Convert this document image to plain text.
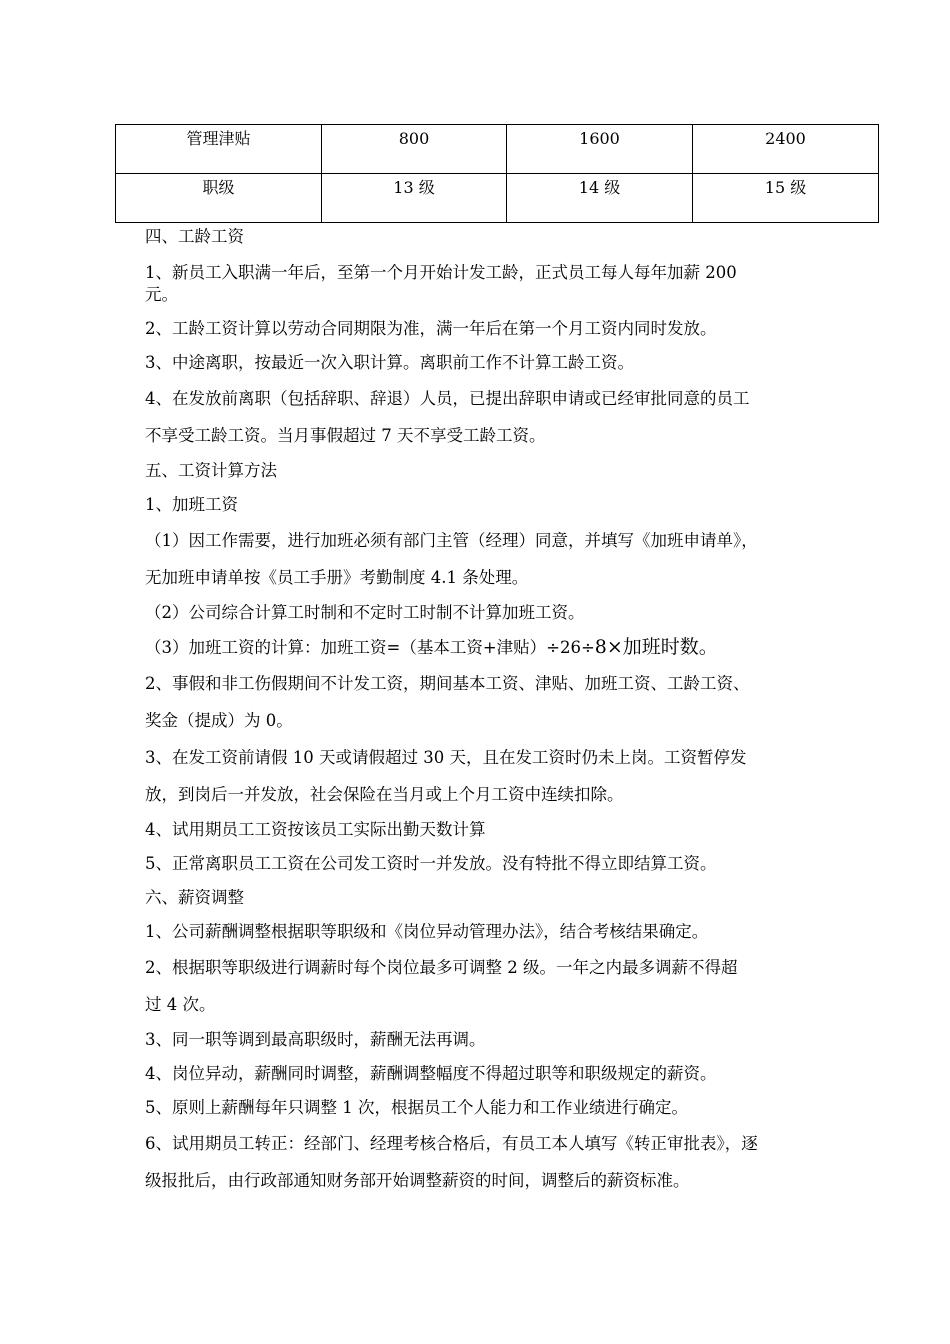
管理津贴	800	1600	2400
职级	13 级	14 级	15 级
四、工龄工资
1、新员工入职满一年后，至第一个月开始计发工龄，正式员工每人每年加薪 200
元。
2、工龄工资计算以劳动合同期限为准，满一年后在第一个月工资内同时发放。
3、中途离职，按最近一次入职计算。离职前工作不计算工龄工资。
4、在发放前离职（包括辞职、辞退）人员，已提出辞职申请或已经审批同意的员工
不享受工龄工资。当月事假超过 7 天不享受工龄工资。
五、工资计算方法
1、加班工资
（1）因工作需要，进行加班必须有部门主管（经理）同意，并填写《加班申请单》，
无加班申请单按《员工手册》考勤制度 4.1 条处理。
（2）公司综合计算工时制和不定时工时制不计算加班工资。
（3）加班工资的计算：加班工资=（基本工资+津贴）÷26÷8×加班时数。
2、事假和非工伤假期间不计发工资，期间基本工资、津贴、加班工资、工龄工资、
奖金（提成）为 0。
3、在发工资前请假 10 天或请假超过 30 天，且在发工资时仍未上岗。工资暂停发
放，到岗后一并发放，社会保险在当月或上个月工资中连续扣除。
4、试用期员工工资按该员工实际出勤天数计算
5、正常离职员工工资在公司发工资时一并发放。没有特批不得立即结算工资。
六、薪资调整
1、公司薪酬调整根据职等职级和《岗位异动管理办法》，结合考核结果确定。
2、根据职等职级进行调薪时每个岗位最多可调整 2 级。一年之内最多调薪不得超
过 4 次。
3、同一职等调到最高职级时，薪酬无法再调。
4、岗位异动，薪酬同时调整，薪酬调整幅度不得超过职等和职级规定的薪资。
5、原则上薪酬每年只调整 1 次，根据员工个人能力和工作业绩进行确定。
6、试用期员工转正：经部门、经理考核合格后，有员工本人填写《转正审批表》，逐
级报批后，由行政部通知财务部开始调整薪资的时间，调整后的薪资标准。
